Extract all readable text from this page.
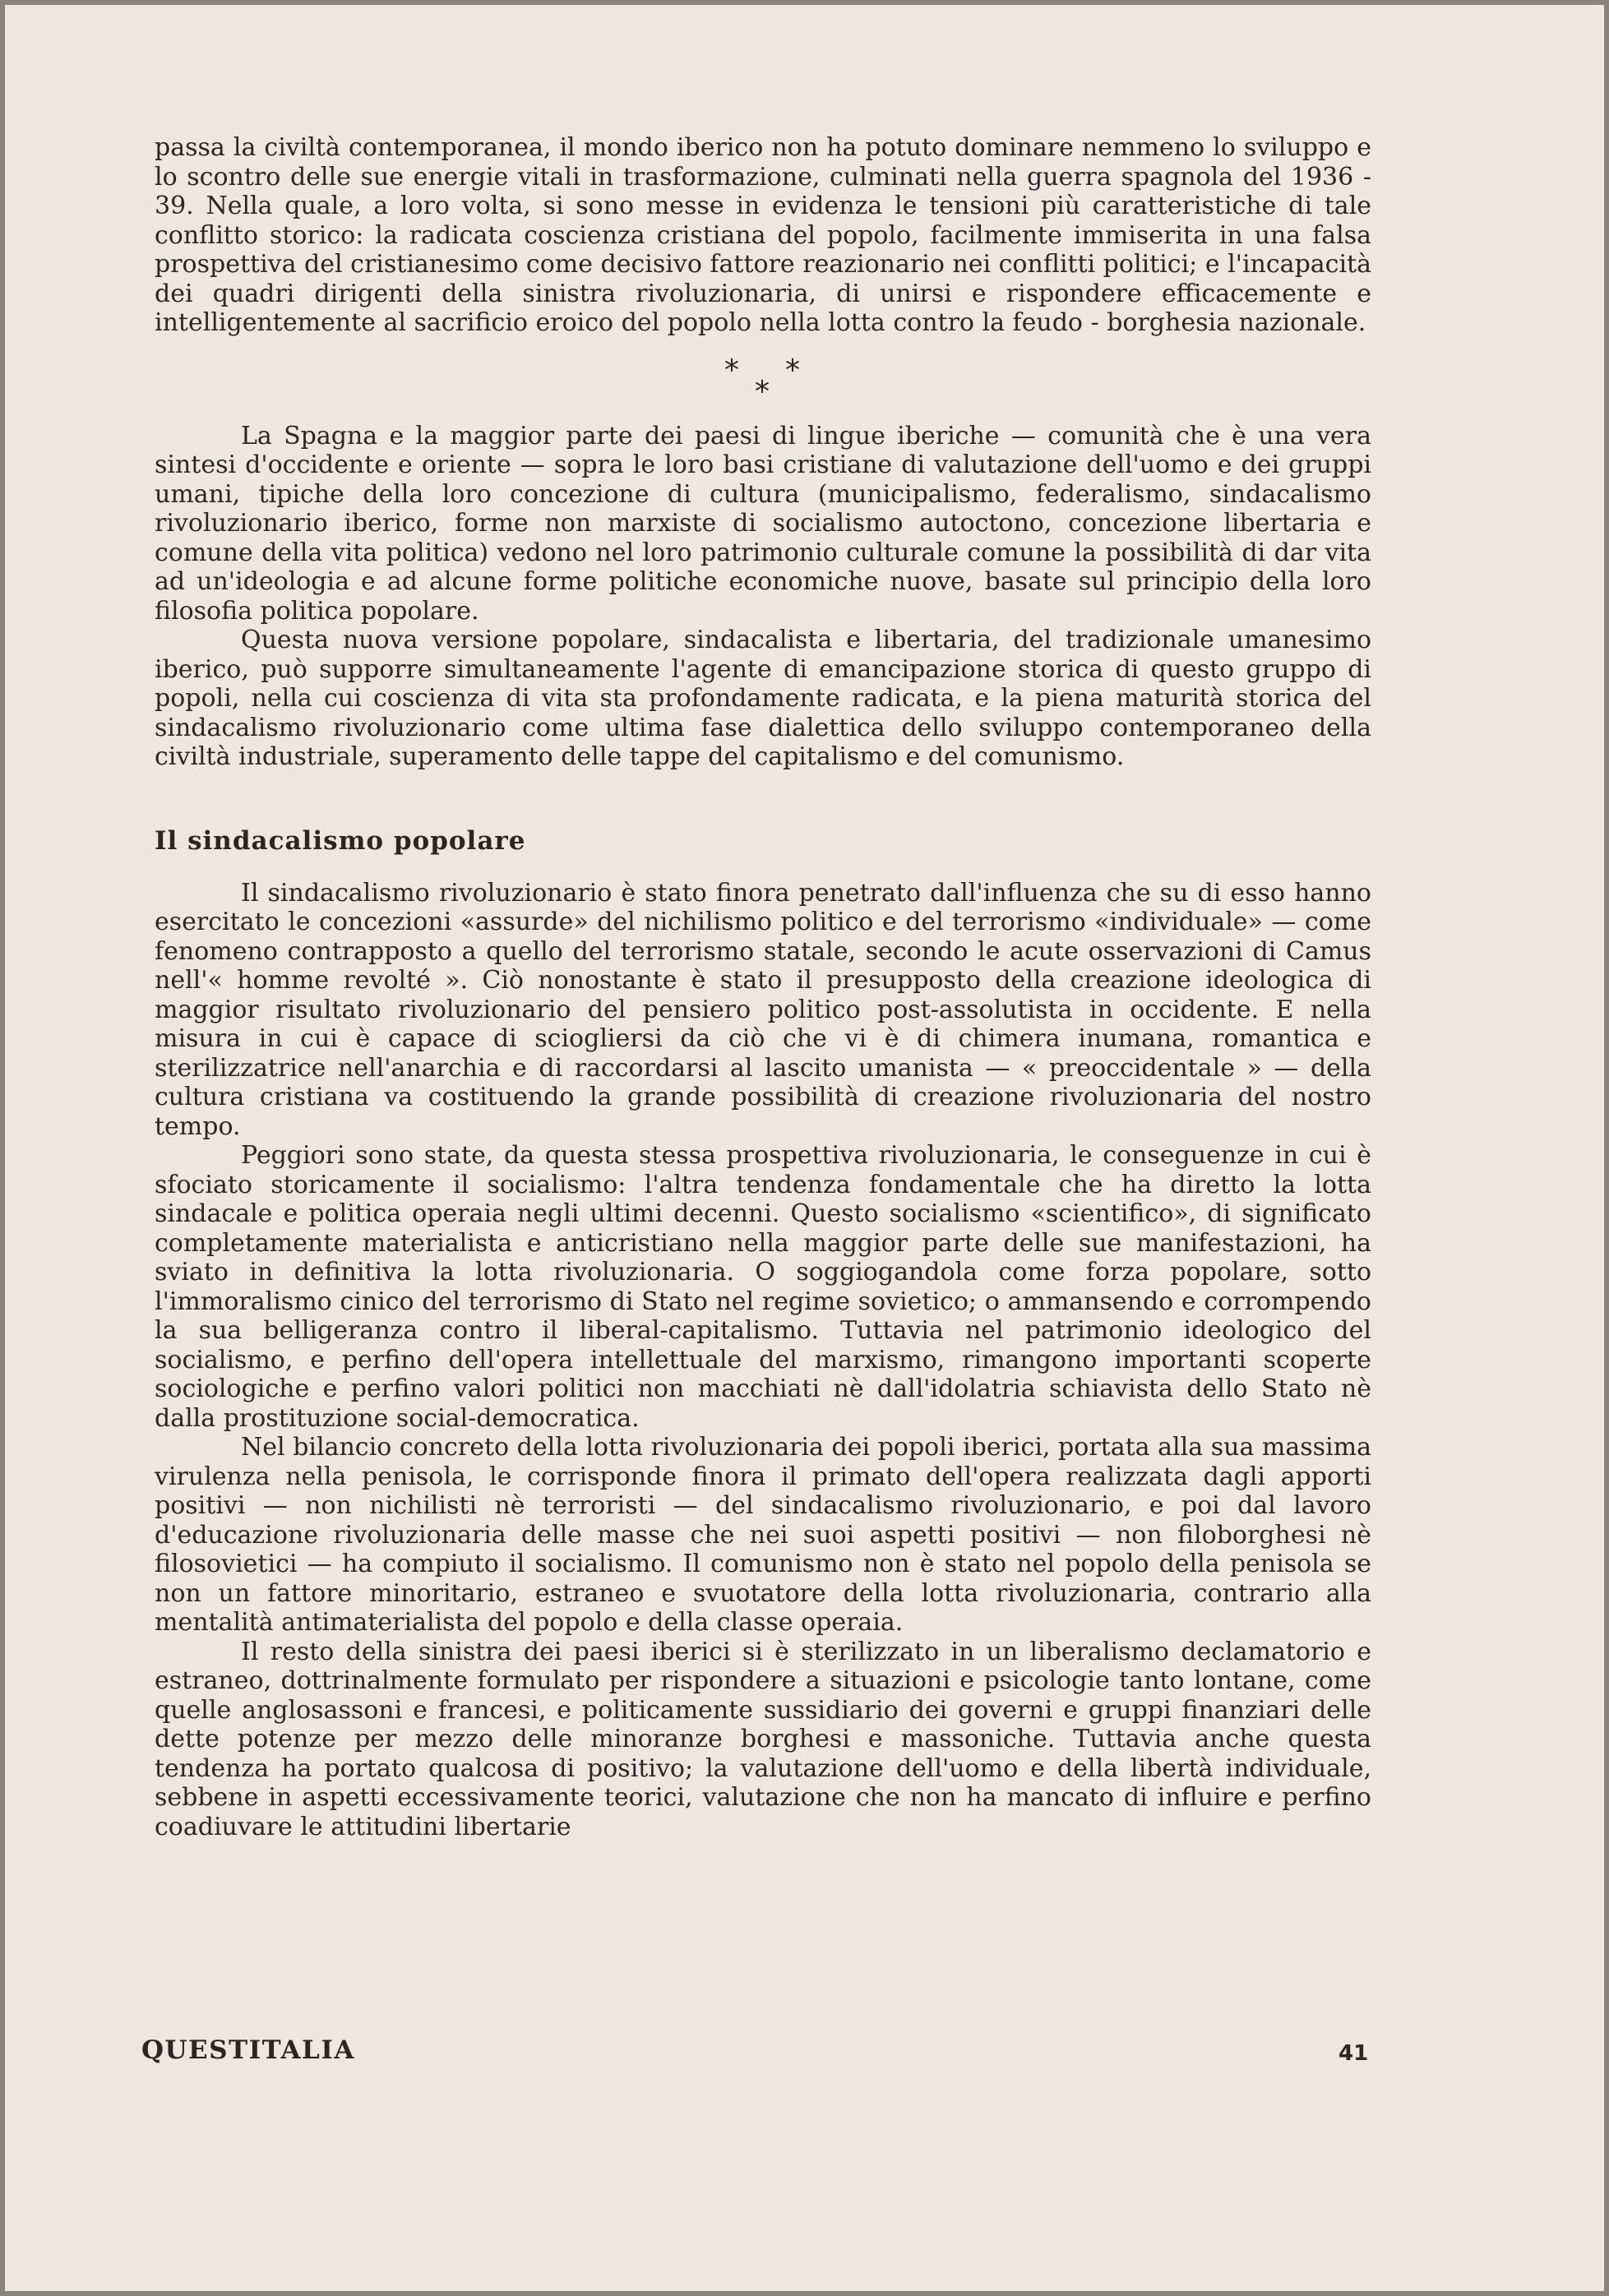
passa la civiltà contemporanea, il mondo iberico non ha potuto dominare nemmeno lo sviluppo e lo scontro delle sue energie vitali in trasformazione, culminati nella guerra spagnola del 1936 - 39. Nella quale, a loro volta, si sono messe in evidenza le tensioni più caratteristiche di tale conflitto storico: la radicata coscienza cristiana del popolo, facilmente immiserita in una falsa prospettiva del cristianesimo come decisivo fattore reazionario nei conflitti politici; e l'incapacità dei quadri dirigenti della sinistra rivoluzionaria, di unirsi e rispondere efficacemente e intelligentemente al sacrificio eroico del popolo nella lotta contro la feudo - borghesia nazionale.

* *
*

La Spagna e la maggior parte dei paesi di lingue iberiche — comunità che è una vera sintesi d'occidente e oriente — sopra le loro basi cristiane di valutazione dell'uomo e dei gruppi umani, tipiche della loro concezione di cultura (municipalismo, federalismo, sindacalismo rivoluzionario iberico, forme non marxiste di socialismo autoctono, concezione libertaria e comune della vita politica) vedono nel loro patrimonio culturale comune la possibilità di dar vita ad un'ideologia e ad alcune forme politiche economiche nuove, basate sul principio della loro filosofia politica popolare.

Questa nuova versione popolare, sindacalista e libertaria, del tradizionale umanesimo iberico, può supporre simultaneamente l'agente di emancipazione storica di questo gruppo di popoli, nella cui coscienza di vita sta profondamente radicata, e la piena maturità storica del sindacalismo rivoluzionario come ultima fase dialettica dello sviluppo contemporaneo della civiltà industriale, superamento delle tappe del capitalismo e del comunismo.

Il sindacalismo popolare

Il sindacalismo rivoluzionario è stato finora penetrato dall'influenza che su di esso hanno esercitato le concezioni «assurde» del nichilismo politico e del terrorismo «individuale» — come fenomeno contrapposto a quello del terrorismo statale, secondo le acute osservazioni di Camus nell'« homme revolté ». Ciò nonostante è stato il presupposto della creazione ideologica di maggior risultato rivoluzionario del pensiero politico post-assolutista in occidente. E nella misura in cui è capace di sciogliersi da ciò che vi è di chimera inumana, romantica e sterilizzatrice nell'anarchia e di raccordarsi al lascito umanista — « preoccidentale » — della cultura cristiana va costituendo la grande possibilità di creazione rivoluzionaria del nostro tempo.

Peggiori sono state, da questa stessa prospettiva rivoluzionaria, le conseguenze in cui è sfociato storicamente il socialismo: l'altra tendenza fondamentale che ha diretto la lotta sindacale e politica operaia negli ultimi decenni. Questo socialismo «scientifico», di significato completamente materialista e anticristiano nella maggior parte delle sue manifestazioni, ha sviato in definitiva la lotta rivoluzionaria. O soggiogandola come forza popolare, sotto l'immoralismo cinico del terrorismo di Stato nel regime sovietico; o ammansendo e corrompendo la sua belligeranza contro il liberal-capitalismo. Tuttavia nel patrimonio ideologico del socialismo, e perfino dell'opera intellettuale del marxismo, rimangono importanti scoperte sociologiche e perfino valori politici non macchiati nè dall'idolatria schiavista dello Stato nè dalla prostituzione social-democratica.

Nel bilancio concreto della lotta rivoluzionaria dei popoli iberici, portata alla sua massima virulenza nella penisola, le corrisponde finora il primato dell'opera realizzata dagli apporti positivi — non nichilisti nè terroristi — del sindacalismo rivoluzionario, e poi dal lavoro d'educazione rivoluzionaria delle masse che nei suoi aspetti positivi — non filoborghesi nè filosovietici — ha compiuto il socialismo. Il comunismo non è stato nel popolo della penisola se non un fattore minoritario, estraneo e svuotatore della lotta rivoluzionaria, contrario alla mentalità antimaterialista del popolo e della classe operaia.

Il resto della sinistra dei paesi iberici si è sterilizzato in un liberalismo declamatorio e estraneo, dottrinalmente formulato per rispondere a situazioni e psicologie tanto lontane, come quelle anglosassoni e francesi, e politicamente sussidiario dei governi e gruppi finanziari delle dette potenze per mezzo delle minoranze borghesi e massoniche. Tuttavia anche questa tendenza ha portato qualcosa di positivo; la valutazione dell'uomo e della libertà individuale, sebbene in aspetti eccessivamente teorici, valutazione che non ha mancato di influire e perfino coadiuvare le attitudini libertarie

QUESTITALIA	41
